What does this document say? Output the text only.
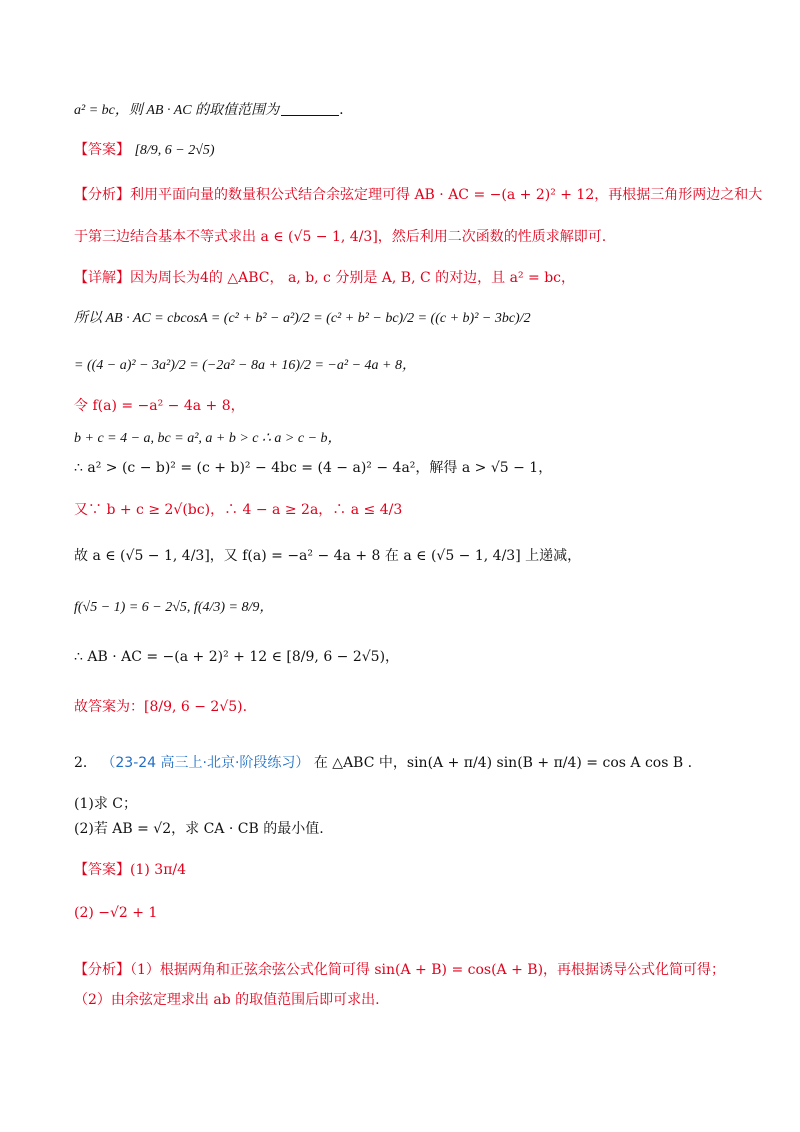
a² = bc，则 AB · AC 的取值范围为	.
【答案】 [8/9, 6 − 2√5)
【分析】利用平面向量的数量积公式结合余弦定理可得 AB · AC = −(a + 2)² + 12，再根据三角形两边之和大
于第三边结合基本不等式求出 a ∈ (√5 − 1, 4/3]，然后利用二次函数的性质求解即可.
【详解】因为周长为4的 △ABC， a, b, c 分别是 A, B, C 的对边，且 a² = bc，
所以 AB · AC = cbcosA = (c² + b² − a²)/2 = (c² + b² − bc)/2 = ((c + b)² − 3bc)/2
= ((4 − a)² − 3a²)/2 = (−2a² − 8a + 16)/2 = −a² − 4a + 8，
令 f(a) = −a² − 4a + 8，
b + c = 4 − a, bc = a², a + b > c ∴ a > c − b，
∴ a² > (c − b)² = (c + b)² − 4bc = (4 − a)² − 4a²，解得 a > √5 − 1，
又∵ b + c ≥ 2√(bc)，∴ 4 − a ≥ 2a，∴ a ≤ 4/3
故 a ∈ (√5 − 1, 4/3]，又 f(a) = −a² − 4a + 8 在 a ∈ (√5 − 1, 4/3] 上递减，
f(√5 − 1) = 6 − 2√5, f(4/3) = 8/9，
∴ AB · AC = −(a + 2)² + 12 ∈ [8/9, 6 − 2√5)，
故答案为：[8/9, 6 − 2√5).
2． （23-24 高三上·北京·阶段练习） 在 △ABC 中，sin(A + π/4) sin(B + π/4) = cos A cos B .
(1)求 C；
(2)若 AB = √2，求 CA · CB 的最小值.
【答案】(1) 3π/4
(2) −√2 + 1
【分析】（1）根据两角和正弦余弦公式化简可得 sin(A + B) = cos(A + B)，再根据诱导公式化简可得；
（2）由余弦定理求出 ab 的取值范围后即可求出.
